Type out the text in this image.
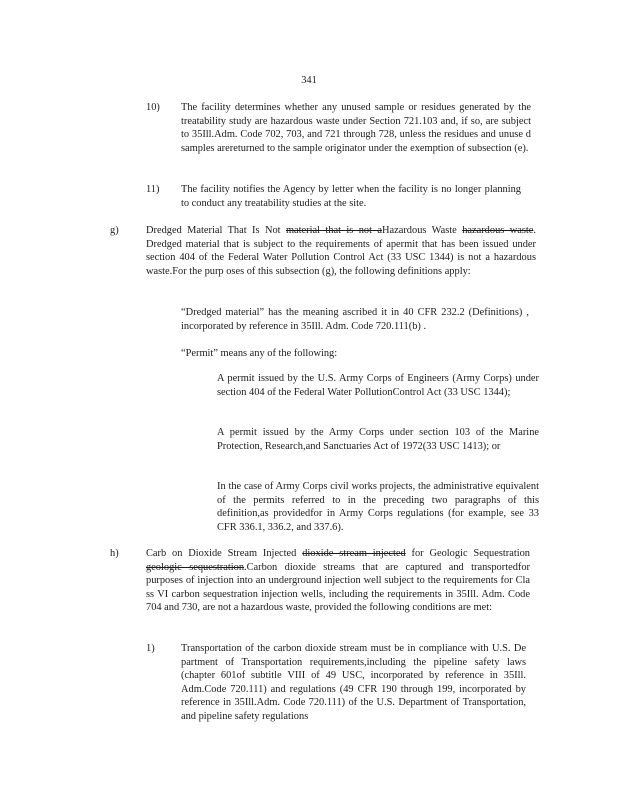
341
10) The facility determines whether any unused sample or residues generated by the treatability study are hazardous waste under Section 721.103 and, if so, are subject to 35Ill.Adm. Code 702, 703, and 721 through 728, unless the residues and unuse d samples arereturned to the sample originator under the exemption of subsection (e).
11) The facility notifies the Agency by letter when the facility is no longer planning to conduct any treatability studies at the site.
g)	Dredged Material That Is Not material that is not aHazardous Waste hazardous waste. Dredged material that is subject to the requirements of apermit that has been issued under section 404 of the Federal Water Pollution Control Act (33 USC 1344) is not a hazardous waste.For the purp oses of this subsection (g), the following definitions apply:
“Dredged material” has the meaning ascribed it in 40 CFR 232.2 (Definitions) , incorporated by reference in 35Ill. Adm. Code 720.111(b) .
“Permit” means any of the following:
A permit issued by the U.S. Army Corps of Engineers (Army Corps) under section 404 of the Federal Water PollutionControl Act (33 USC 1344);
A permit issued by the Army Corps under section 103 of the Marine Protection, Research,and Sanctuaries Act of 1972(33 USC 1413); or
In the case of Army Corps civil works projects, the administrative equivalent of the permits referred to in the preceding two paragraphs of this definition,as providedfor in Army Corps regulations (for example, see 33 CFR 336.1, 336.2, and 337.6).
h)	Carb on Dioxide Stream Injected dioxide stream injected for Geologic Sequestration geologic sequestration.Carbon dioxide streams that are captured and transportedfor purposes of injection into an underground injection well subject to the requirements for Cla ss VI carbon sequestration injection wells, including the requirements in 35Ill. Adm. Code 704 and 730, are not a hazardous waste, provided the following conditions are met:
1)	Transportation of the carbon dioxide stream must be in compliance with U.S. De partment of Transportation requirements,including the pipeline safety laws (chapter 601of subtitle VIII of 49 USC, incorporated by reference in 35Ill. Adm.Code 720.111) and regulations (49 CFR 190 through 199, incorporated by reference in 35Ill.Adm. Code 720.111) of the U.S. Department of Transportation, and pipeline safety regulations
